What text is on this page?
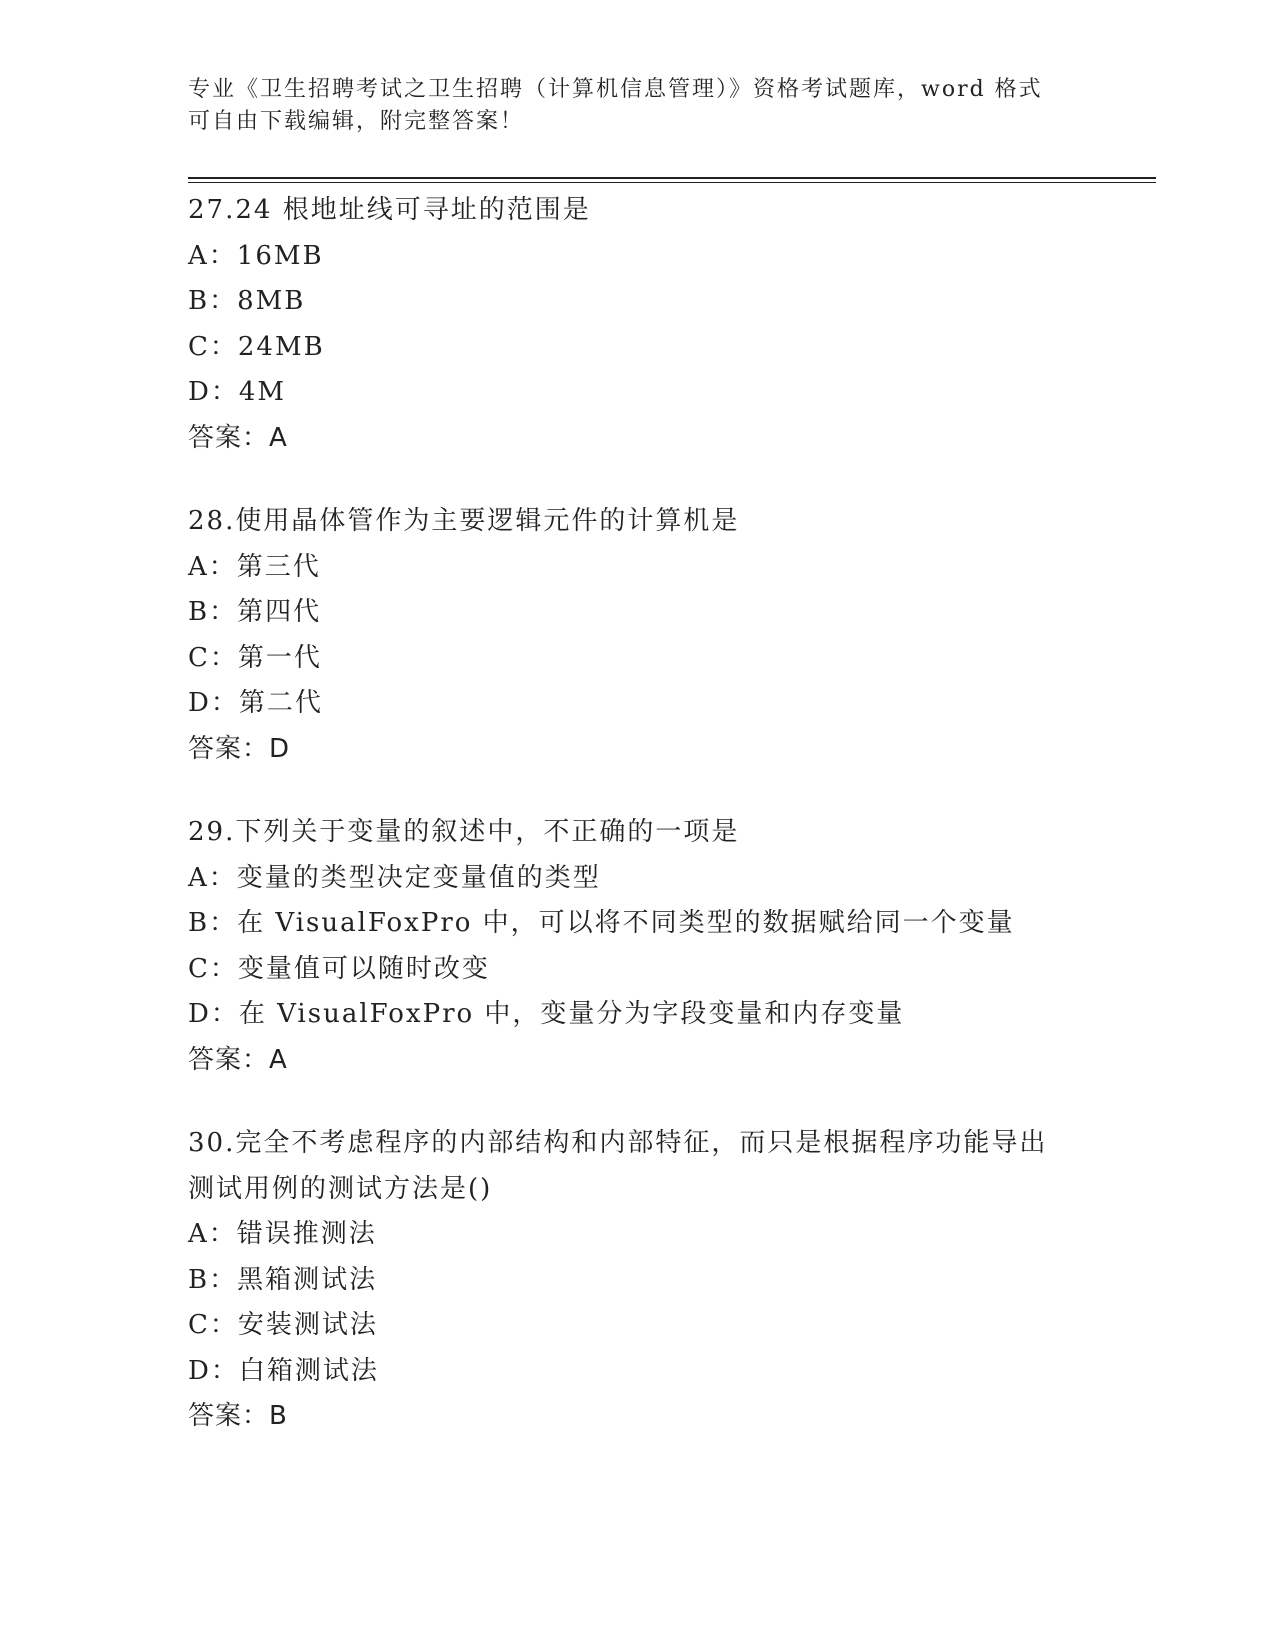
专业《卫生招聘考试之卫生招聘（计算机信息管理）》资格考试题库，word 格式
可自由下载编辑，附完整答案！
27.24 根地址线可寻址的范围是
A：16MB
B：8MB
C：24MB
D：4M
答案：A
28.使用晶体管作为主要逻辑元件的计算机是
A：第三代
B：第四代
C：第一代
D：第二代
答案：D
29.下列关于变量的叙述中，不正确的一项是
A：变量的类型决定变量值的类型
B：在 VisualFoxPro 中，可以将不同类型的数据赋给同一个变量
C：变量值可以随时改变
D：在 VisualFoxPro 中，变量分为字段变量和内存变量
答案：A
30.完全不考虑程序的内部结构和内部特征，而只是根据程序功能导出
测试用例的测试方法是()
A：错误推测法
B：黑箱测试法
C：安装测试法
D：白箱测试法
答案：B
